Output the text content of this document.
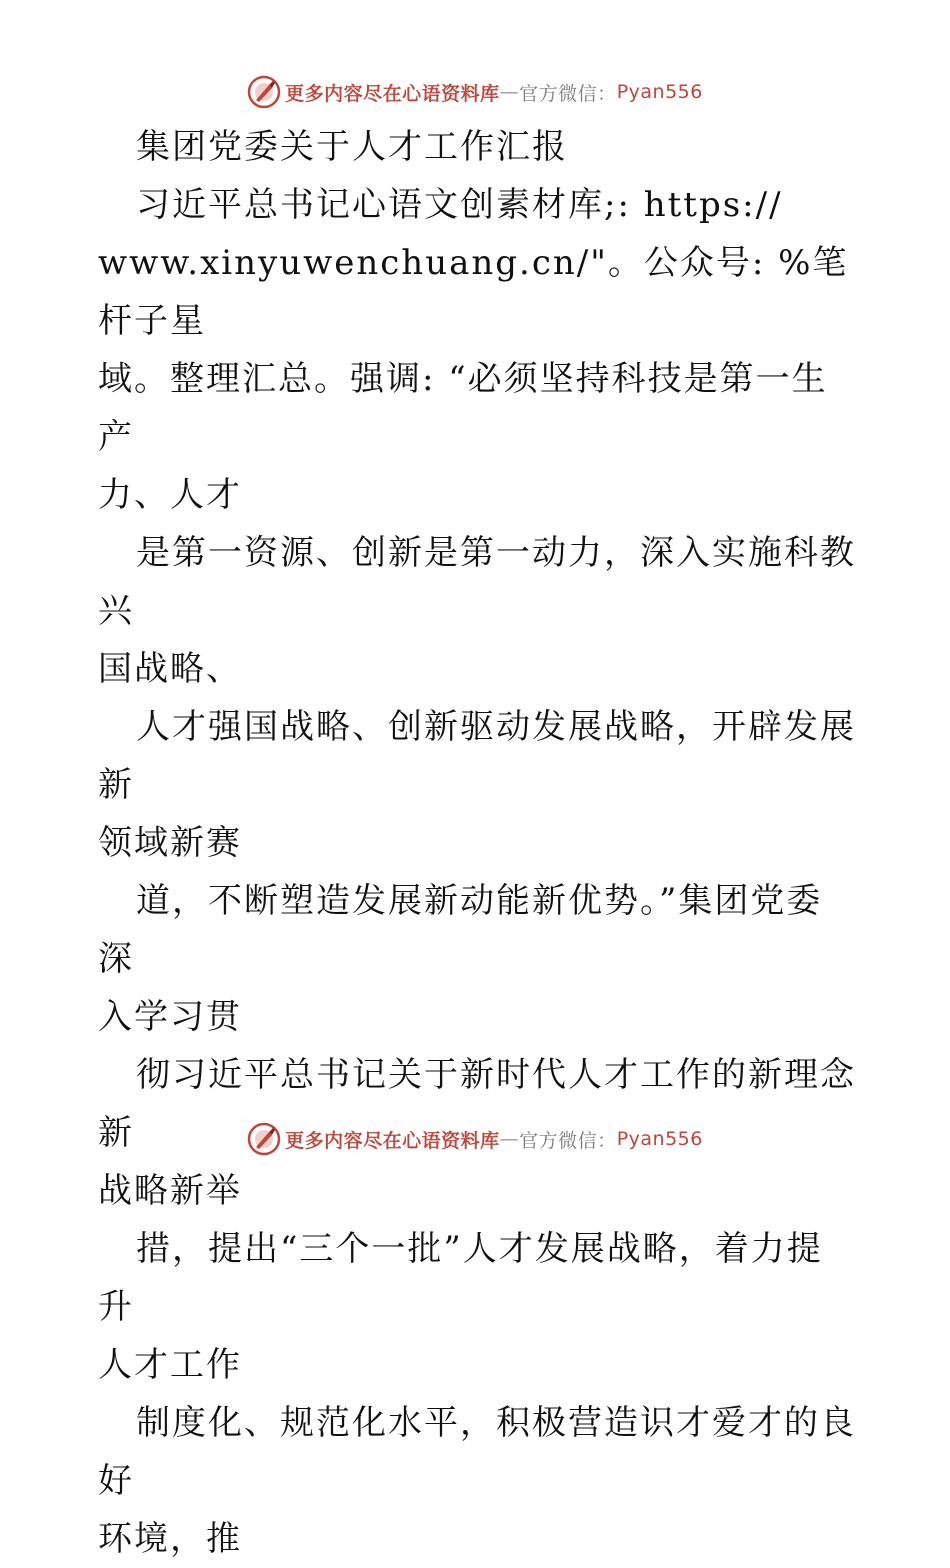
更多内容尽在心语资料库 — 官方微信： Pyan556

集团党委关于人才工作汇报

习近平总书记心语文创素材库;: https://

www.xinyuwenchuang.cn/"。公众号: %笔杆子星

域。整理汇总。强调: “必须坚持科技是第一生产

力、人才

是第一资源、创新是第一动力，深入实施科教兴

国战略、

人才强国战略、创新驱动发展战略，开辟发展新

领域新赛

道，不断塑造发展新动能新优势。”集团党委深

入学习贯

彻习近平总书记关于新时代人才工作的新理念新

战略新举

措，提出“三个一批”人才发展战略，着力提升

人才工作

制度化、规范化水平，积极营造识才爱才的良好

环境，推

更多内容尽在心语资料库 — 官方微信： Pyan556
